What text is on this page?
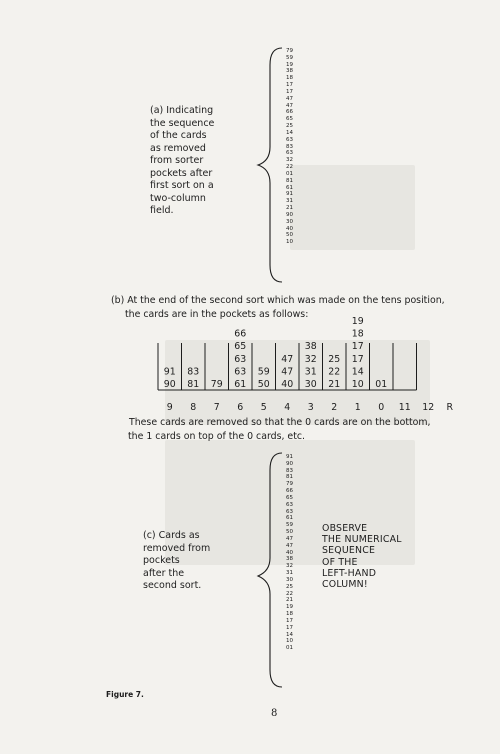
(a) Indicating
the sequence
of the cards
as removed
from sorter
pockets after
first sort on a
two-column
field.
79
59
19
38
18
17
17
47
47
66
65
25
14
63
83
63
32
22
01
81
61
91
31
21
90
30
40
50
10
(b) At the end of the second sort which was made on the tens position,
the cards are in the pockets as follows:
90
91
9
81
83
8
79
7
61
63
63
65
66
6
50
59
5
40
47
47
4
30
31
32
38
3
21
22
25
2
10
14
17
17
18
19
1
01
0 11 12 R
These cards are removed so that the 0 cards are on the bottom,
the 1 cards on top of the 0 cards, etc.
(c) Cards as
removed from
pockets
after the
second sort.
91
90
83
81
79
66
65
63
63
61
59
50
47
47
40
38
32
31
30
25
22
21
19
18
17
17
14
10
01
OBSERVE
THE NUMERICAL
SEQUENCE
OF THE
LEFT-HAND
COLUMN!
Figure 7.
8
